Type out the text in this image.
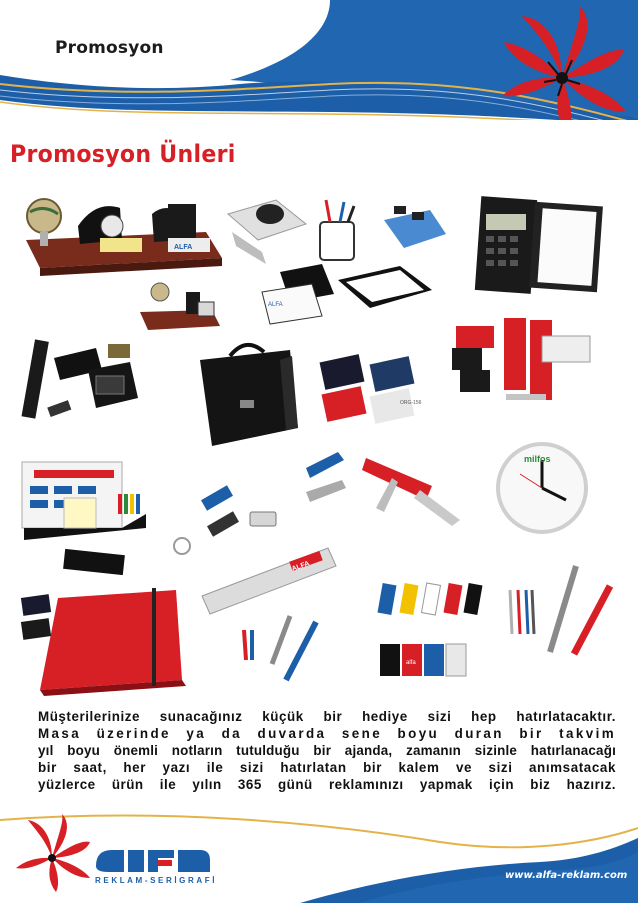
Promosyon
Promosyon Ünleri
ALFA
ALFA
ORG-156
milfos
ALFA
alfa
Müşterilerinize sunacağınız küçük bir hediye sizi hep hatırlatacaktır.
Masa üzerinde ya da duvarda sene boyu duran bir takvim
yıl boyu önemli notların tutulduğu bir ajanda, zamanın sizinle hatırlanacağı
bir saat, her yazı ile sizi hatırlatan bir kalem ve sizi anımsatacak
yüzlerce ürün ile yılın 365 günü reklamınızı yapmak için biz hazırız.
REKLAM-SERİGRAFİ	www.alfa-reklam.com
